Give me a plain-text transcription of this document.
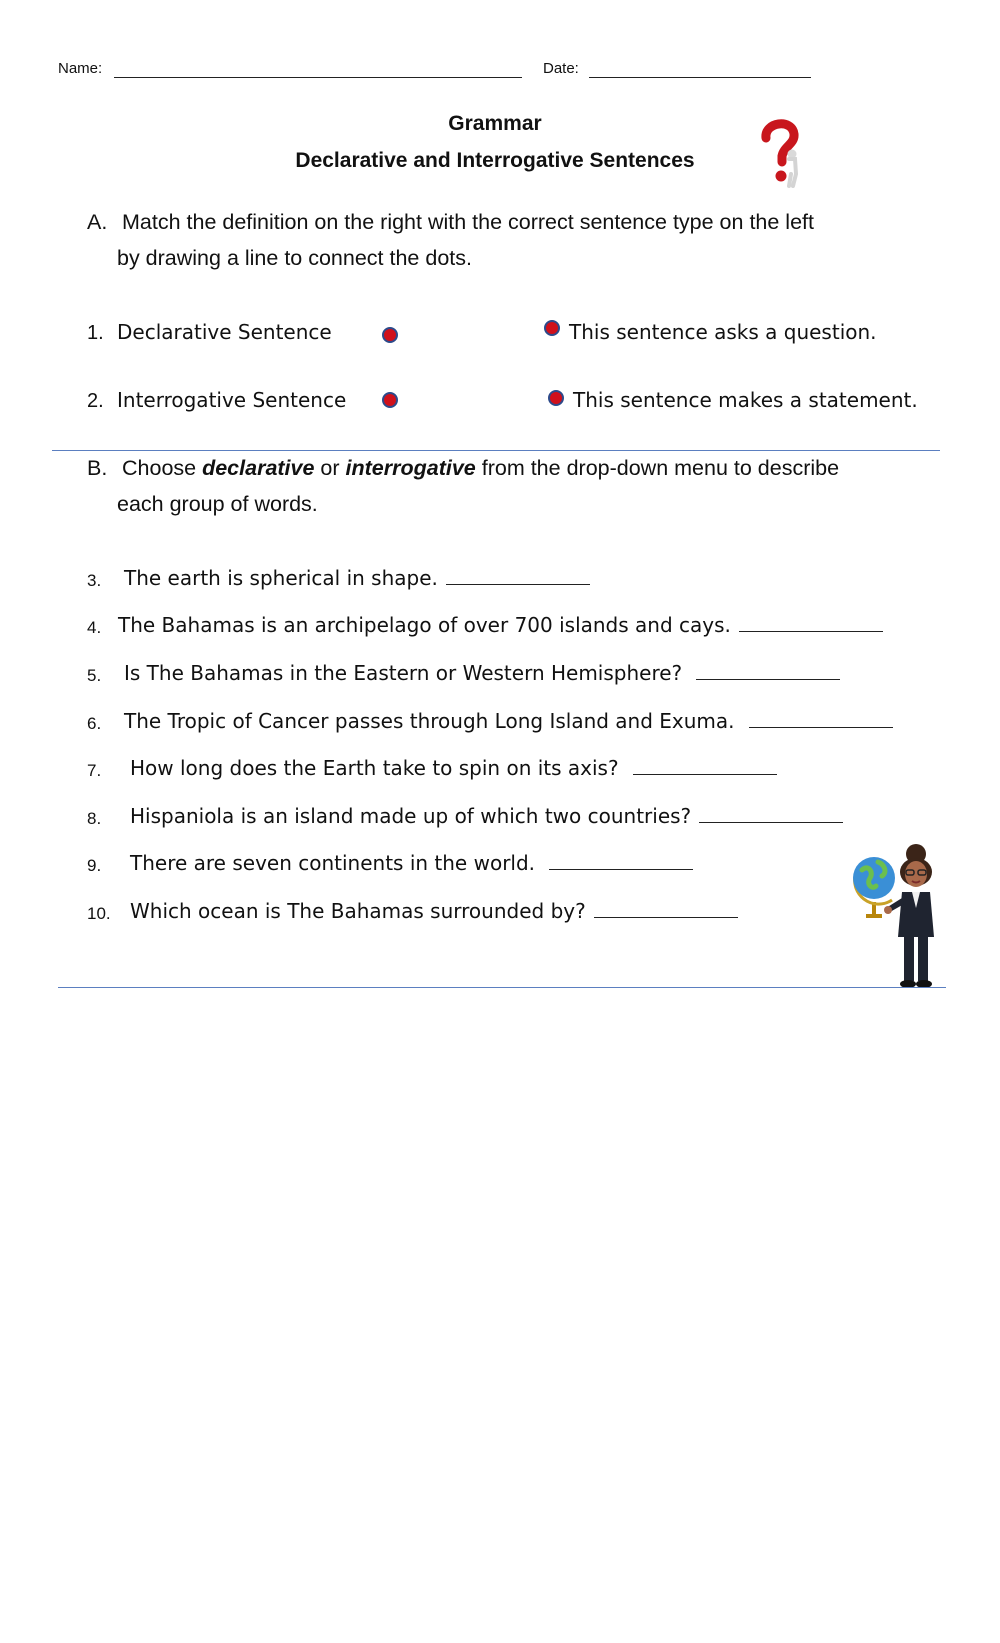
Name:	Date:
Grammar
Declarative and Interrogative Sentences
A. Match the definition on the right with the correct sentence type on the left
by drawing a line to connect the dots.
1. Declarative Sentence	This sentence asks a question.
2. Interrogative Sentence	This sentence makes a statement.
B. Choose declarative or interrogative from the drop-down menu to describe
each group of words.
3. The earth is spherical in shape.
4. The Bahamas is an archipelago of over 700 islands and cays.
5. Is The Bahamas in the Eastern or Western Hemisphere?
6. The Tropic of Cancer passes through Long Island and Exuma.
7. How long does the Earth take to spin on its axis?
8. Hispaniola is an island made up of which two countries?
9. There are seven continents in the world.
10. Which ocean is The Bahamas surrounded by?
